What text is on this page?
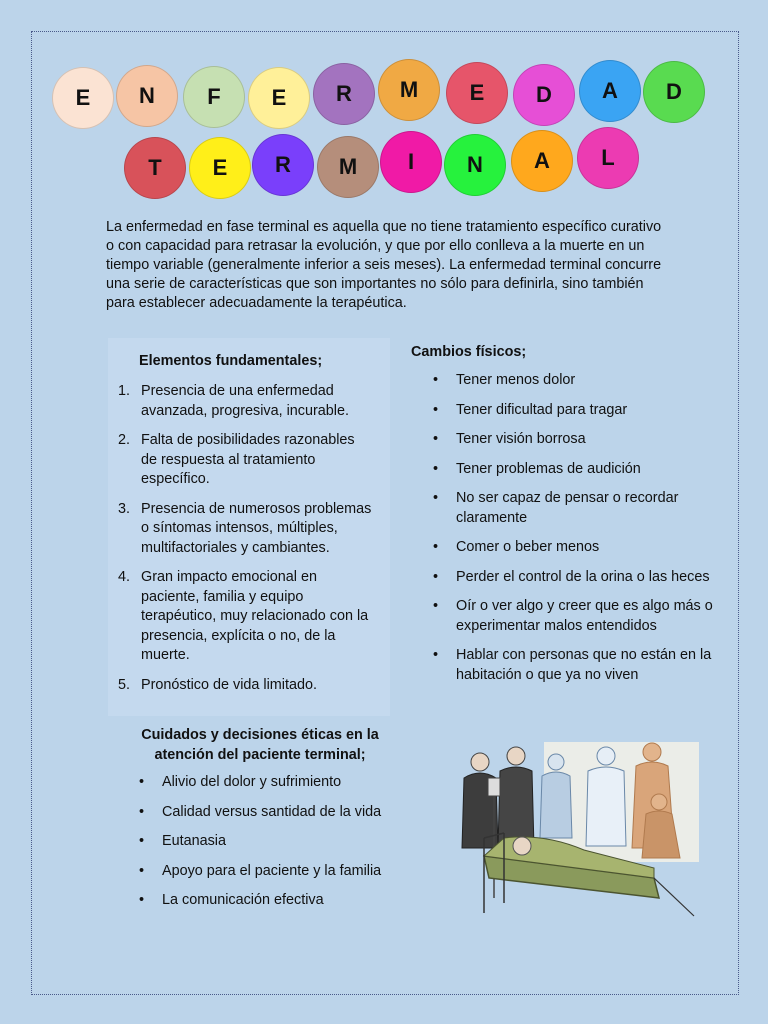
E N F E R M E D A D
T E R M I N A L

La enfermedad en fase terminal es aquella que no tiene tratamiento específico curativo o con capacidad para retrasar la evolución, y que por ello conlleva a la muerte en un tiempo variable (generalmente inferior a seis meses). La enfermedad terminal concurre una serie de características que son importantes no sólo para definirla, sino también para establecer adecuadamente la terapéutica.

Elementos fundamentales;
1. Presencia de una enfermedad avanzada, progresiva, incurable.
2. Falta de posibilidades razonables de respuesta al tratamiento específico.
3. Presencia de numerosos problemas o síntomas intensos, múltiples, multifactoriales y cambiantes.
4. Gran impacto emocional en paciente, familia y equipo terapéutico, muy relacionado con la presencia, explícita o no, de la muerte.
5. Pronóstico de vida limitado.
Cambios físicos;
• Tener menos dolor
• Tener dificultad para tragar
• Tener visión borrosa
• Tener problemas de audición
• No ser capaz de pensar o recordar claramente
• Comer o beber menos
• Perder el control de la orina o las heces
• Oír o ver algo y creer que es algo más o experimentar malos entendidos
• Hablar con personas que no están en la habitación o que ya no viven
Cuidados y decisiones éticas en la atención del paciente terminal;
• Alivio del dolor y sufrimiento
• Calidad versus santidad de la vida
• Eutanasia
• Apoyo para el paciente y la familia
• La comunicación efectiva
